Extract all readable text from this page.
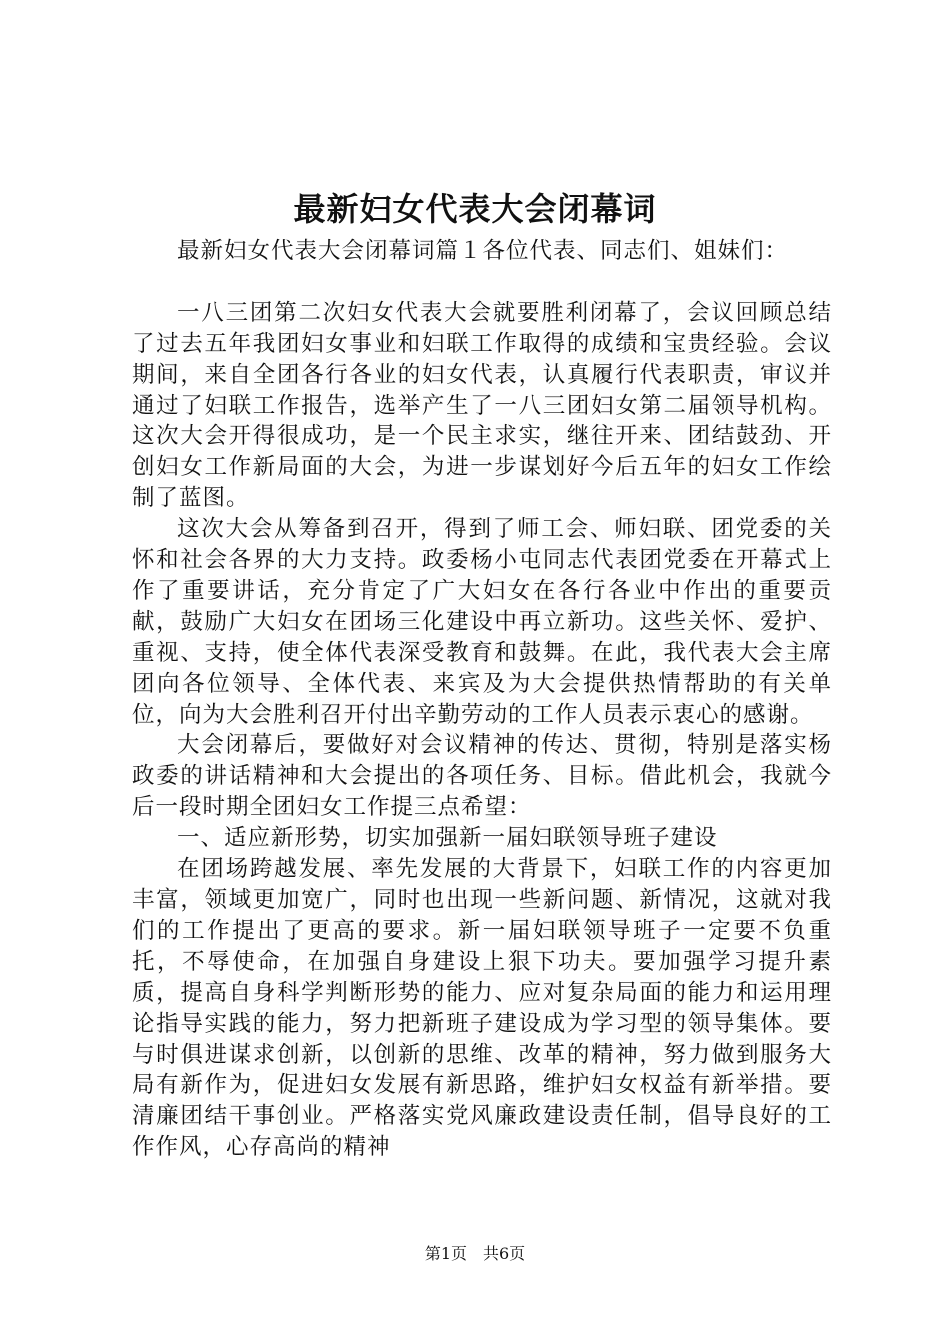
最新妇女代表大会闭幕词

最新妇女代表大会闭幕词篇１各位代表、同志们、姐妹们：

一八三团第二次妇女代表大会就要胜利闭幕了，会议回顾总结了过去五年我团妇女事业和妇联工作取得的成绩和宝贵经验。会议期间，来自全团各行各业的妇女代表，认真履行代表职责，审议并通过了妇联工作报告，选举产生了一八三团妇女第二届领导机构。这次大会开得很成功，是一个民主求实，继往开来、团结鼓劲、开创妇女工作新局面的大会，为进一步谋划好今后五年的妇女工作绘制了蓝图。

这次大会从筹备到召开，得到了师工会、师妇联、团党委的关怀和社会各界的大力支持。政委杨小屯同志代表团党委在开幕式上作了重要讲话，充分肯定了广大妇女在各行各业中作出的重要贡献，鼓励广大妇女在团场三化建设中再立新功。这些关怀、爱护、重视、支持，使全体代表深受教育和鼓舞。在此，我代表大会主席团向各位领导、全体代表、来宾及为大会提供热情帮助的有关单位，向为大会胜利召开付出辛勤劳动的工作人员表示衷心的感谢。

大会闭幕后，要做好对会议精神的传达、贯彻，特别是落实杨政委的讲话精神和大会提出的各项任务、目标。借此机会，我就今后一段时期全团妇女工作提三点希望：

一、适应新形势，切实加强新一届妇联领导班子建设

在团场跨越发展、率先发展的大背景下，妇联工作的内容更加丰富，领域更加宽广，同时也出现一些新问题、新情况，这就对我们的工作提出了更高的要求。新一届妇联领导班子一定要不负重托，不辱使命，在加强自身建设上狠下功夫。要加强学习提升素质，提高自身科学判断形势的能力、应对复杂局面的能力和运用理论指导实践的能力，努力把新班子建设成为学习型的领导集体。要与时俱进谋求创新，以创新的思维、改革的精神，努力做到服务大局有新作为，促进妇女发展有新思路，维护妇女权益有新举措。要清廉团结干事创业。严格落实党风廉政建设责任制，倡导良好的工作作风，心存高尚的精神

第1页　共6页
